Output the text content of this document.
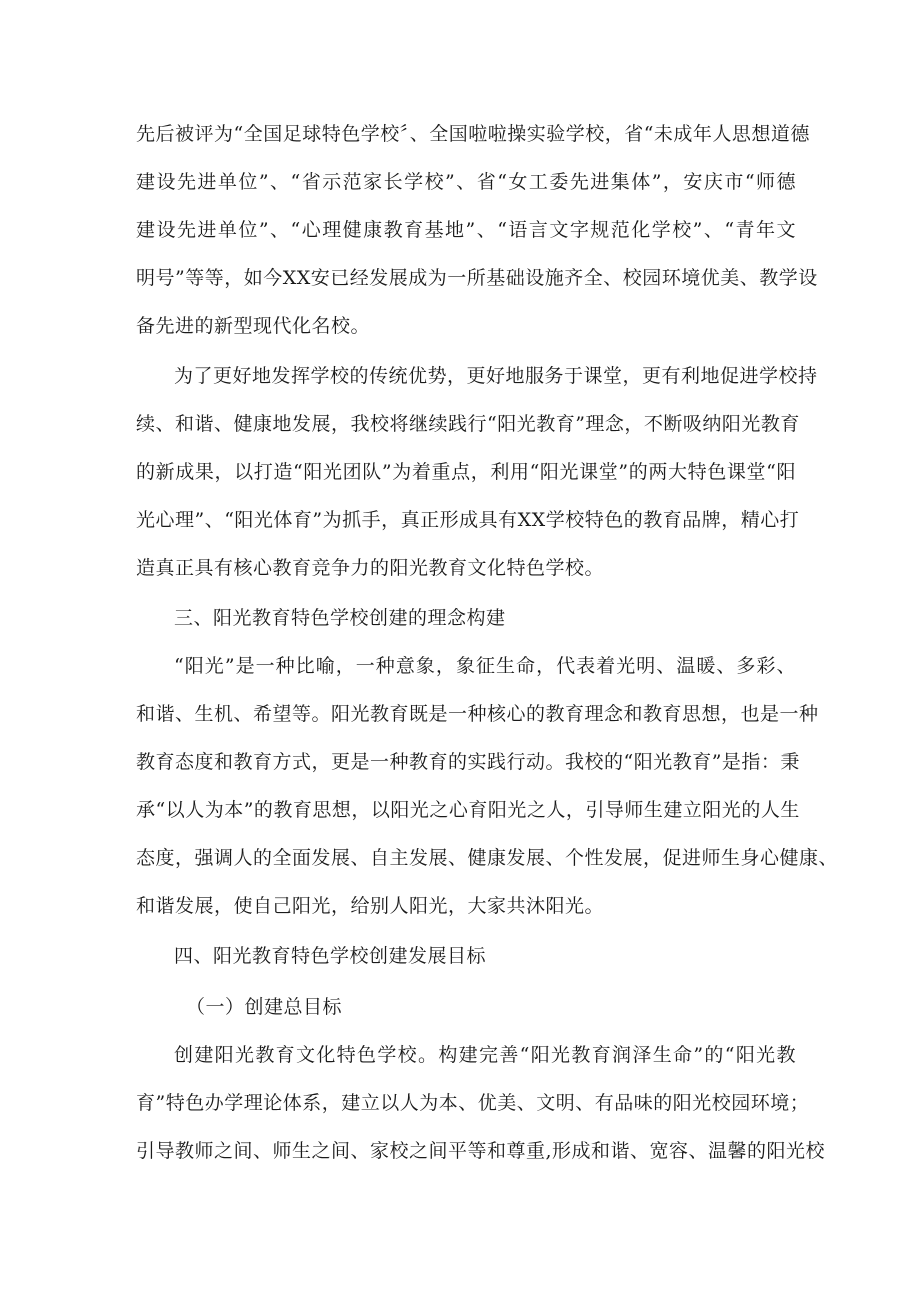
先后被评为“全国足球特色学校〞、全国啦啦操实验学校，省“未成年人思想道德
建设先进单位”、“省示范家长学校”、省“女工委先进集体”，安庆市“师德
建设先进单位”、“心理健康教育基地”、“语言文字规范化学校”、“青年文
明号”等等，如今XX安已经发展成为一所基础设施齐全、校园环境优美、教学设
备先进的新型现代化名校。
为了更好地发挥学校的传统优势，更好地服务于课堂，更有利地促进学校持
续、和谐、健康地发展，我校将继续践行“阳光教育”理念，不断吸纳阳光教育
的新成果，以打造“阳光团队”为着重点，利用“阳光课堂”的两大特色课堂“阳
光心理”、“阳光体育”为抓手，真正形成具有XX学校特色的教育品牌，精心打
造真正具有核心教育竞争力的阳光教育文化特色学校。
三、阳光教育特色学校创建的理念构建
“阳光”是一种比喻，一种意象，象征生命，代表着光明、温暖、多彩、
和谐、生机、希望等。阳光教育既是一种核心的教育理念和教育思想，也是一种
教育态度和教育方式，更是一种教育的实践行动。我校的“阳光教育”是指：秉
承“以人为本”的教育思想，以阳光之心育阳光之人，引导师生建立阳光的人生
态度，强调人的全面发展、自主发展、健康发展、个性发展，促进师生身心健康、
和谐发展，使自己阳光，给别人阳光，大家共沐阳光。
四、阳光教育特色学校创建发展目标
（一）创建总目标
创建阳光教育文化特色学校。构建完善“阳光教育润泽生命”的“阳光教
育”特色办学理论体系，建立以人为本、优美、文明、有品味的阳光校园环境；
引导教师之间、师生之间、家校之间平等和尊重,形成和谐、宽容、温馨的阳光校
